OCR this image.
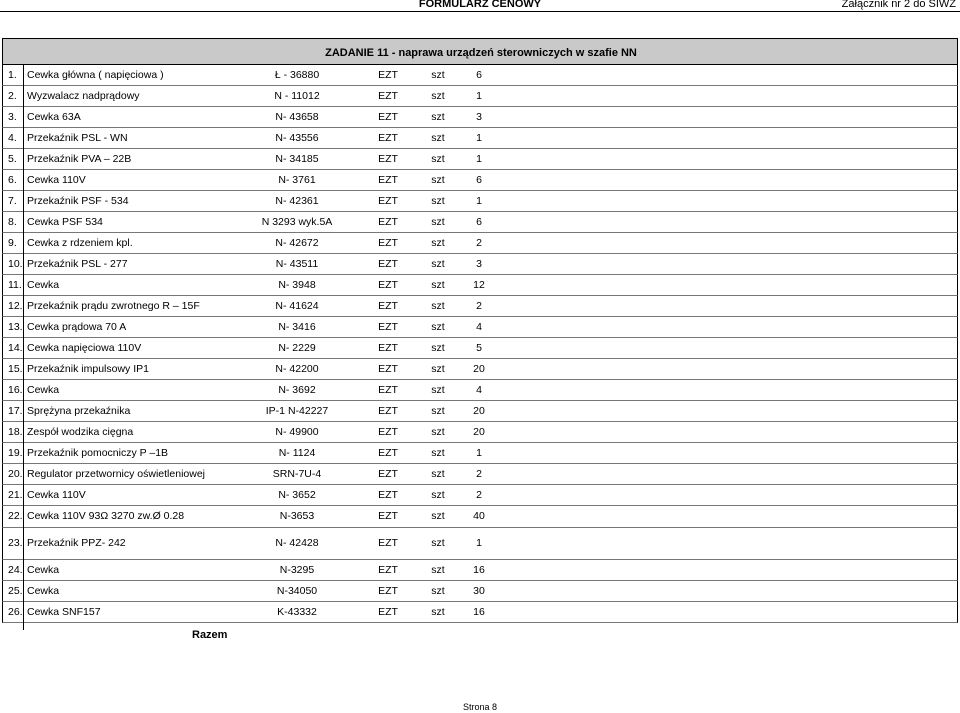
FORMULARZ CENOWY	Załącznik nr 2 do SIWZ
ZADANIE 11 - naprawa urządzeń sterowniczych w szafie NN
1. Cewka główna ( napięciowa )	Ł - 36880	EZT	szt	6
2. Wyzwalacz nadprądowy	N - 11012	EZT	szt	1
3. Cewka 63A	N- 43658	EZT	szt	3
4. Przekaźnik PSL - WN	N- 43556	EZT	szt	1
5. Przekaźnik PVA – 22B	N- 34185	EZT	szt	1
6. Cewka 110V	N- 3761	EZT	szt	6
7. Przekaźnik PSF - 534	N- 42361	EZT	szt	1
8. Cewka PSF 534	N 3293 wyk.5A	EZT	szt	6
9. Cewka z rdzeniem kpl.	N- 42672	EZT	szt	2
10. Przekaźnik PSL - 277	N- 43511	EZT	szt	3
11. Cewka	N- 3948	EZT	szt	12
12. Przekaźnik prądu zwrotnego R – 15F	N- 41624	EZT	szt	2
13. Cewka prądowa 70 A	N- 3416	EZT	szt	4
14. Cewka napięciowa 110V	N- 2229	EZT	szt	5
15. Przekaźnik impulsowy IP1	N- 42200	EZT	szt	20
16. Cewka	N- 3692	EZT	szt	4
17. Sprężyna przekaźnika	IP-1 N-42227	EZT	szt	20
18. Zespół wodzika cięgna	N- 49900	EZT	szt	20
19. Przekaźnik pomocniczy P –1B	N- 1124	EZT	szt	1
20. Regulator przetwornicy oświetleniowej	SRN-7U-4	EZT	szt	2
21. Cewka 110V	N- 3652	EZT	szt	2
22. Cewka 110V 93Ω 3270 zw.Ø 0.28	N-3653	EZT	szt	40
23. Przekaźnik PPZ- 242	N- 42428	EZT	szt	1
24. Cewka	N-3295	EZT	szt	16
25. Cewka	N-34050	EZT	szt	30
26. Cewka SNF157	K-43332	EZT	szt	16
Razem
Strona 8
